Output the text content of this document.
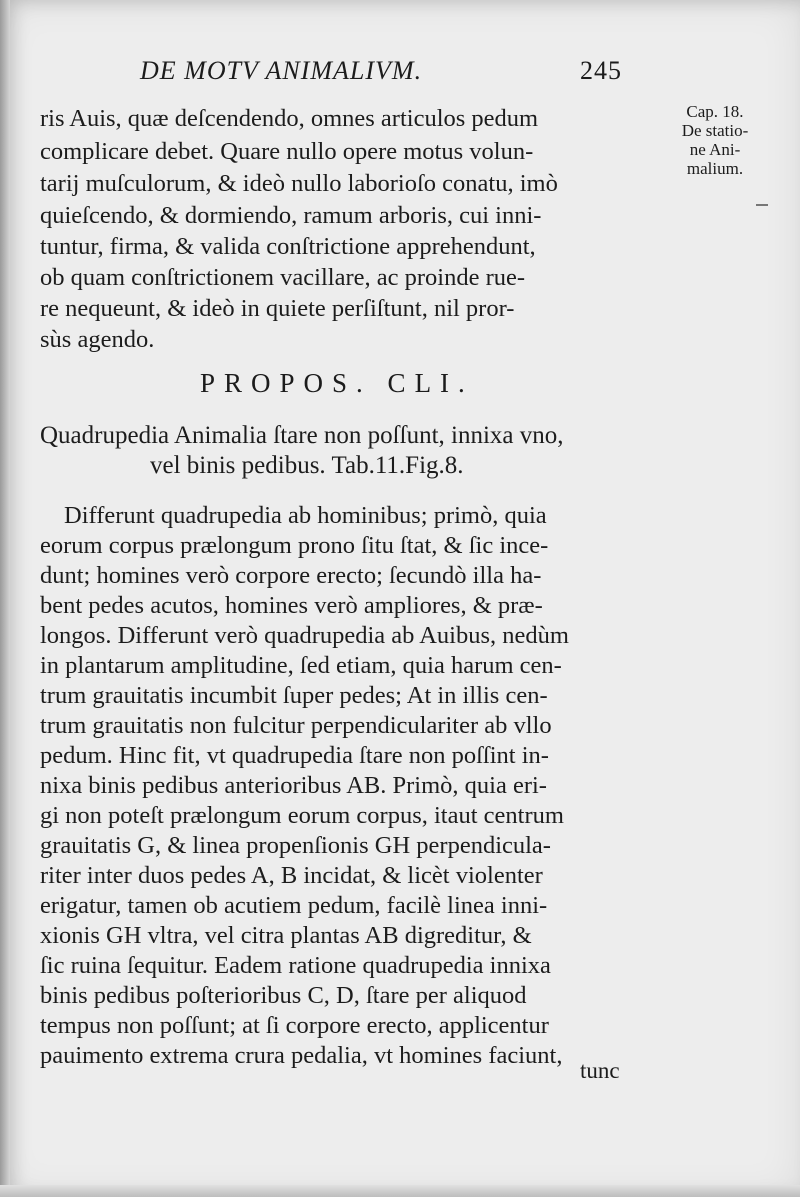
DE MOTV ANIMALIVM.	245
Cap. 18.
De statio-
ne Ani-
malium.
ris Auis, quæ deſcendendo, omnes articulos pedum
complicare debet. Quare nullo opere motus volun-
tarij muſculorum, & ideò nullo laborioſo conatu, imò
quieſcendo, & dormiendo, ramum arboris, cui inni-
tuntur, firma, & valida conſtrictione apprehendunt,
ob quam conſtrictionem vacillare, ac proinde rue-
re nequeunt, & ideò in quiete perſiſtunt, nil pror-
sùs agendo.
PROPOS. CLI.
Quadrupedia Animalia ſtare non poſſunt, innixa vno,
vel binis pedibus. Tab.11.Fig.8.
Differunt quadrupedia ab hominibus; primò, quia
eorum corpus prælongum prono ſitu ſtat, & ſic ince-
dunt; homines verò corpore erecto; ſecundò illa ha-
bent pedes acutos, homines verò ampliores, & præ-
longos. Differunt verò quadrupedia ab Auibus, nedùm
in plantarum amplitudine, ſed etiam, quia harum cen-
trum grauitatis incumbit ſuper pedes; At in illis cen-
trum grauitatis non fulcitur perpendiculariter ab vllo
pedum. Hinc fit, vt quadrupedia ſtare non poſſint in-
nixa binis pedibus anterioribus AB. Primò, quia eri-
gi non poteſt prælongum eorum corpus, itaut centrum
grauitatis G, & linea propenſionis GH perpendicula-
riter inter duos pedes A, B incidat, & licèt violenter
erigatur, tamen ob acutiem pedum, facilè linea inni-
xionis GH vltra, vel citra plantas AB digreditur, &
ſic ruina ſequitur. Eadem ratione quadrupedia innixa
binis pedibus poſterioribus C, D, ſtare per aliquod
tempus non poſſunt; at ſi corpore erecto, applicentur
tunc
pauimento extrema crura pedalia, vt homines faciunt,
